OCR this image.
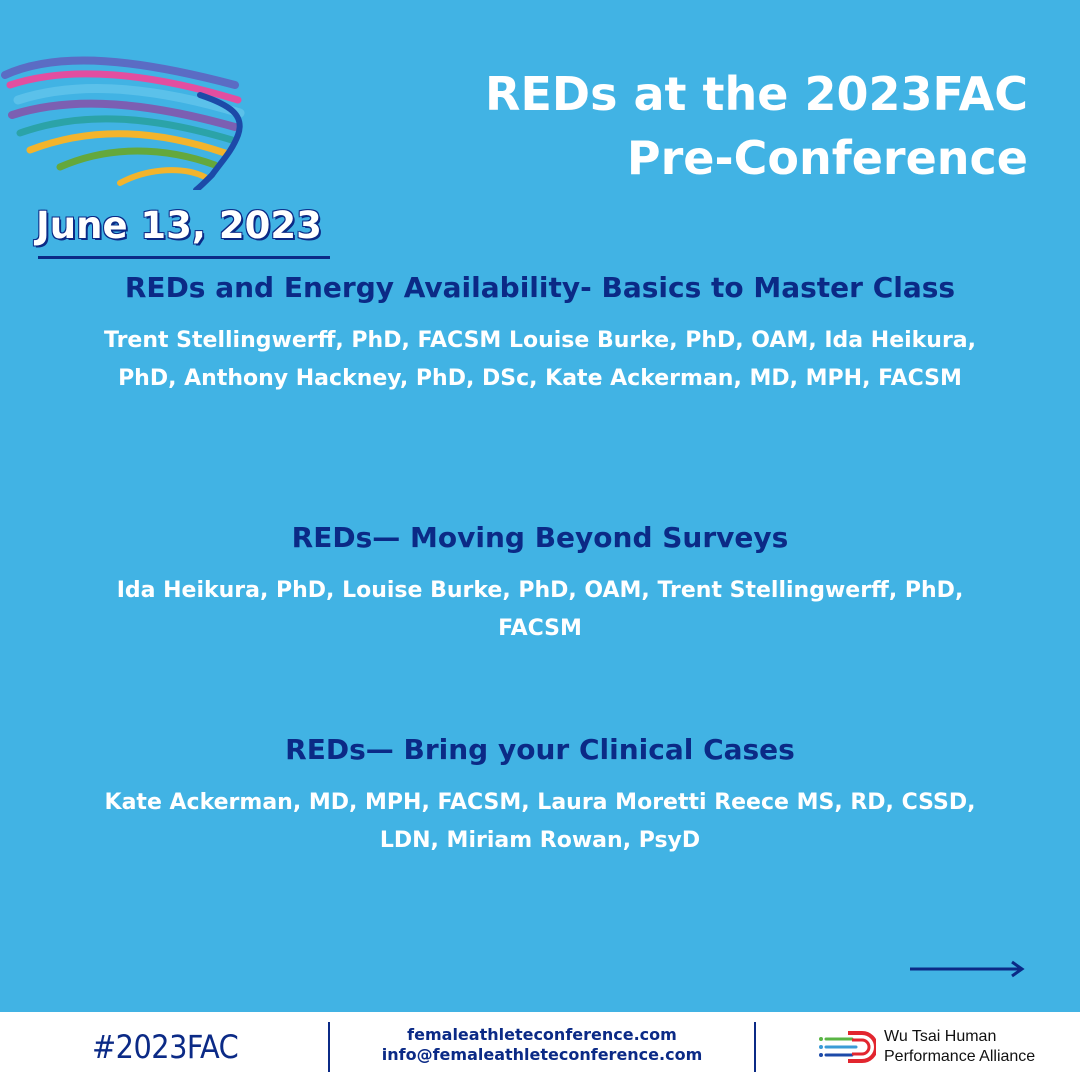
REDs at the 2023FAC
Pre-Conference
June 13, 2023
REDs and Energy Availability- Basics to Master Class
Trent Stellingwerff, PhD, FACSM Louise Burke, PhD, OAM, Ida Heikura, PhD, Anthony Hackney, PhD, DSc, Kate Ackerman, MD, MPH, FACSM
REDs— Moving Beyond Surveys
Ida Heikura, PhD, Louise Burke, PhD, OAM, Trent Stellingwerff, PhD, FACSM
REDs— Bring your Clinical Cases
Kate Ackerman, MD, MPH, FACSM, Laura Moretti Reece MS, RD, CSSD, LDN, Miriam Rowan, PsyD
#2023FAC	femaleathleteconference.com
info@femaleathleteconference.com
Wu Tsai Human
Performance Alliance
